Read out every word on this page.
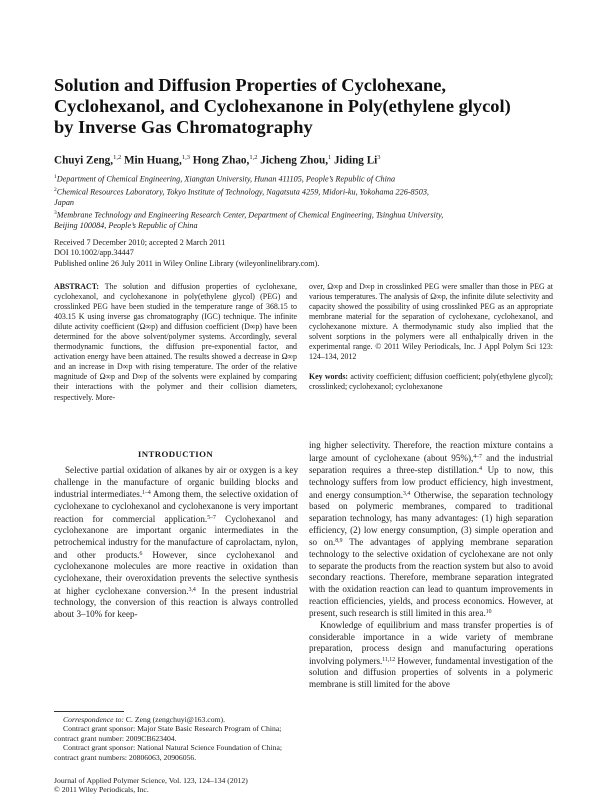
Solution and Diffusion Properties of Cyclohexane,
Cyclohexanol, and Cyclohexanone in Poly(ethylene glycol)
by Inverse Gas Chromatography
Chuyi Zeng,$^{1,2}$ Min Huang,$^{1,3}$ Hong Zhao,$^{1,2}$ Jicheng Zhou,$^1$ Jiding Li$^3$
$^1$Department of Chemical Engineering, Xiangtan University, Hunan 411105, People’s Republic of China
$^2$Chemical Resources Laboratory, Tokyo Institute of Technology, Nagatsuta 4259, Midori-ku, Yokohama 226-8503,
Japan
$^3$Membrane Technology and Engineering Research Center, Department of Chemical Engineering, Tsinghua University,
Beijing 100084, People’s Republic of China
Received 7 December 2010; accepted 2 March 2011
DOI 10.1002/app.34447
Published online 26 July 2011 in Wiley Online Library (wileyonlinelibrary.com).
ABSTRACT: The solution and diffusion properties of cyclohexane, cyclohexanol, and cyclohexanone in poly(ethylene glycol) (PEG) and crosslinked PEG have been studied in the temperature range of 368.15 to 403.15 K using inverse gas chromatography (IGC) technique. The infinite dilute activity coefficient (Ω∞p) and diffusion coefficient (D∞p) have been determined for the above solvent/polymer systems. Accordingly, several thermodynamic functions, the diffusion pre-exponential factor, and activation energy have been attained. The results showed a decrease in Ω∞p and an increase in D∞p with rising temperature. The order of the relative magnitude of Ω∞p and D∞p of the solvents were explained by comparing their interactions with the polymer and their collision diameters, respectively. More-
over, Ω∞p and D∞p in crosslinked PEG were smaller than those in PEG at various temperatures. The analysis of Ω∞p, the infinite dilute selectivity and capacity showed the possibility of using crosslinked PEG as an appropriate membrane material for the separation of cyclohexane, cyclohexanol, and cyclohexanone mixture. A thermodynamic study also implied that the solvent sorptions in the polymers were all enthalpically driven in the experimental range. © 2011 Wiley Periodicals, Inc. J Appl Polym Sci 123: 124–134, 2012
Key words: activity coefficient; diffusion coefficient; poly(ethylene glycol); crosslinked; cyclohexanol; cyclohexanone
INTRODUCTION

Selective partial oxidation of alkanes by air or oxygen is a key challenge in the manufacture of organic building blocks and industrial intermediates.$^{1-4}$ Among them, the selective oxidation of cyclohexane to cyclohexanol and cyclohexanone is very important reaction for commercial application.$^{5-7}$ Cyclohexanol and cyclohexanone are important organic intermediates in the petrochemical industry for the manufacture of caprolactam, nylon, and other products.$^6$ However, since cyclohexanol and cyclohexanone molecules are more reactive in oxidation than cyclohexane, their overoxidation prevents the selective synthesis at higher cyclohexane conversion.$^{3,4}$ In the present industrial technology, the conversion of this reaction is always controlled about 3–10% for keep-

ing higher selectivity. Therefore, the reaction mixture contains a large amount of cyclohexane (about 95%),$^{4-7}$ and the industrial separation requires a three-step distillation.$^4$ Up to now, this technology suffers from low product efficiency, high investment, and energy consumption.$^{3,4}$ Otherwise, the separation technology based on polymeric membranes, compared to traditional separation technology, has many advantages: (1) high separation efficiency, (2) low energy consumption, (3) simple operation and so on.$^{8,9}$ The advantages of applying membrane separation technology to the selective oxidation of cyclohexane are not only to separate the products from the reaction system but also to avoid secondary reactions. Therefore, membrane separation integrated with the oxidation reaction can lead to quantum improvements in reaction efficiencies, yields, and process economics. However, at present, such research is still limited in this area.$^{10}$

Knowledge of equilibrium and mass transfer properties is of considerable importance in a wide variety of membrane preparation, process design and manufacturing operations involving polymers.$^{11,12}$ However, fundamental investigation of the solution and diffusion properties of solvents in a polymeric membrane is still limited for the above

Correspondence to: C. Zeng (zengchuyi@163.com).

Contract grant sponsor: Major State Basic Research Program of China; contract grant number: 2009CB623404.

Contract grant sponsor: National Natural Science Foundation of China; contract grant numbers: 20806063, 20906056.

Journal of Applied Polymer Science, Vol. 123, 124–134 (2012)
© 2011 Wiley Periodicals, Inc.
